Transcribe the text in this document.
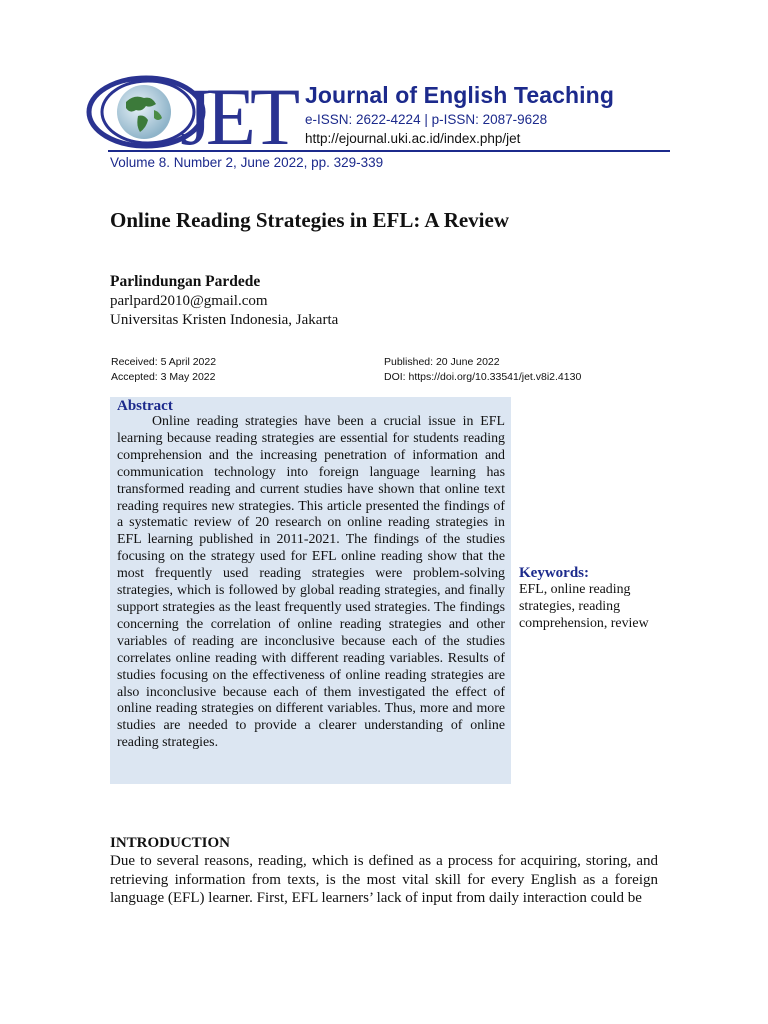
JET Journal of English Teaching
e-ISSN: 2622-4224 | p-ISSN: 2087-9628
http://ejournal.uki.ac.id/index.php/jet
Volume 8. Number 2, June 2022, pp. 329-339
Online Reading Strategies in EFL: A Review
Parlindungan Pardede
parlpard2010@gmail.com
Universitas Kristen Indonesia, Jakarta
Received: 5 April 2022
Accepted: 3 May 2022
Published: 20 June 2022
DOI: https://doi.org/10.33541/jet.v8i2.4130
Abstract

Online reading strategies have been a crucial issue in EFL learning because reading strategies are essential for students reading comprehension and the increasing penetration of information and communication technology into foreign language learning has transformed reading and current studies have shown that online text reading requires new strategies. This article presented the findings of a systematic review of 20 research on online reading strategies in EFL learning published in 2011-2021. The findings of the studies focusing on the strategy used for EFL online reading show that the most frequently used reading strategies were problem-solving strategies, which is followed by global reading strategies, and finally support strategies as the least frequently used strategies. The findings concerning the correlation of online reading strategies and other variables of reading are inconclusive because each of the studies correlates online reading with different reading variables. Results of studies focusing on the effectiveness of online reading strategies are also inconclusive because each of them investigated the effect of online reading strategies on different variables. Thus, more and more studies are needed to provide a clearer understanding of online reading strategies.

Keywords:
EFL, online reading strategies, reading comprehension, review
INTRODUCTION

Due to several reasons, reading, which is defined as a process for acquiring, storing, and retrieving information from texts, is the most vital skill for every English as a foreign language (EFL) learner. First, EFL learners’ lack of input from daily interaction could be
